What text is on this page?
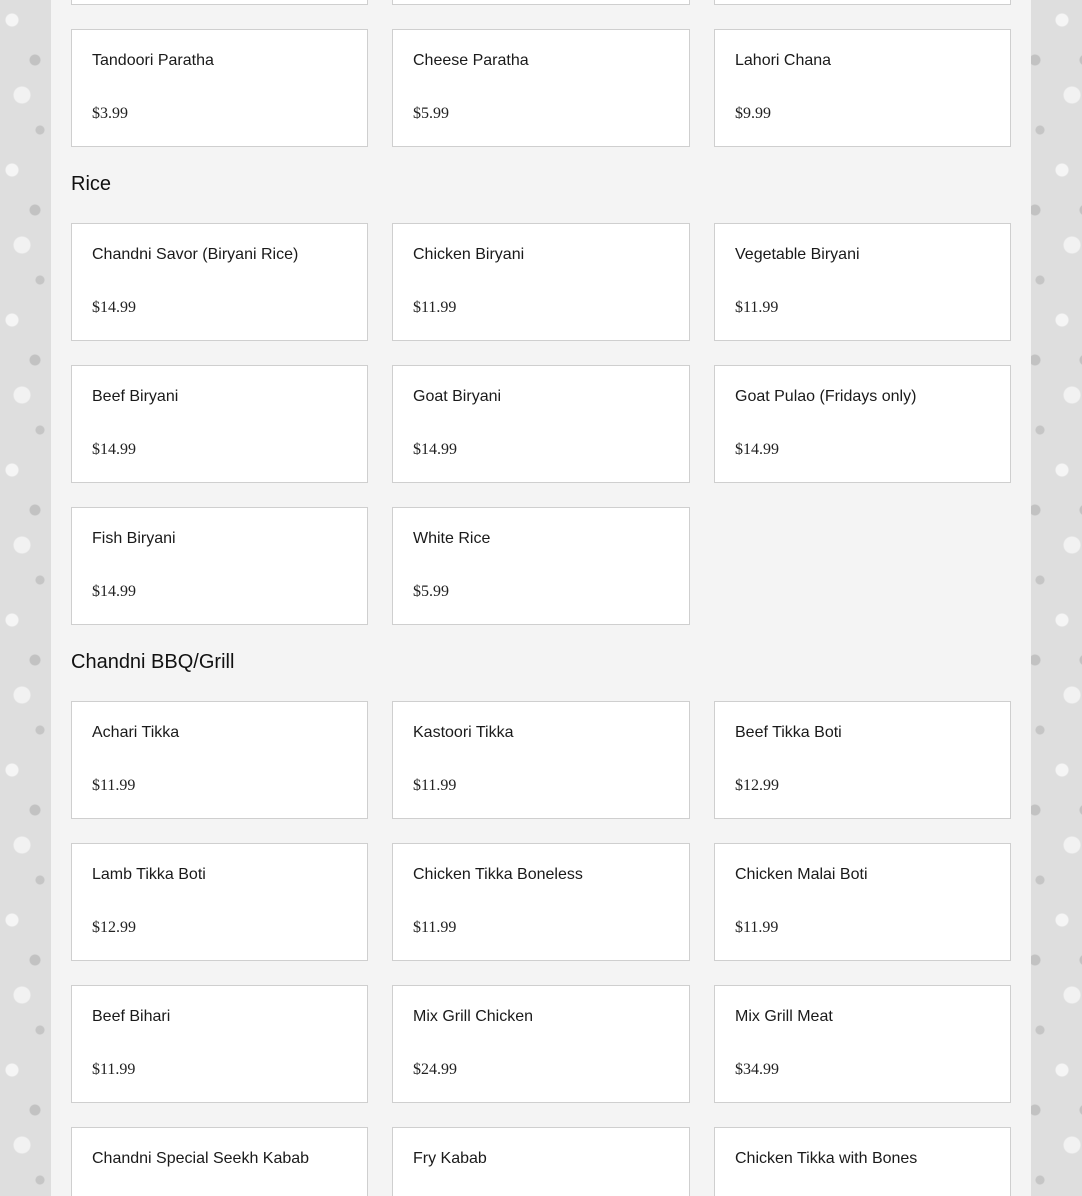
Tandoori Paratha
$3.99
Cheese Paratha
$5.99
Lahori Chana
$9.99
Rice
Chandni Savor (Biryani Rice)
$14.99
Chicken Biryani
$11.99
Vegetable Biryani
$11.99
Beef Biryani
$14.99
Goat Biryani
$14.99
Goat Pulao (Fridays only)
$14.99
Fish Biryani
$14.99
White Rice
$5.99
Chandni BBQ/Grill
Achari Tikka
$11.99
Kastoori Tikka
$11.99
Beef Tikka Boti
$12.99
Lamb Tikka Boti
$12.99
Chicken Tikka Boneless
$11.99
Chicken Malai Boti
$11.99
Beef Bihari
$11.99
Mix Grill Chicken
$24.99
Mix Grill Meat
$34.99
Chandni Special Seekh Kabab	Fry Kabab	Chicken Tikka with Bones
